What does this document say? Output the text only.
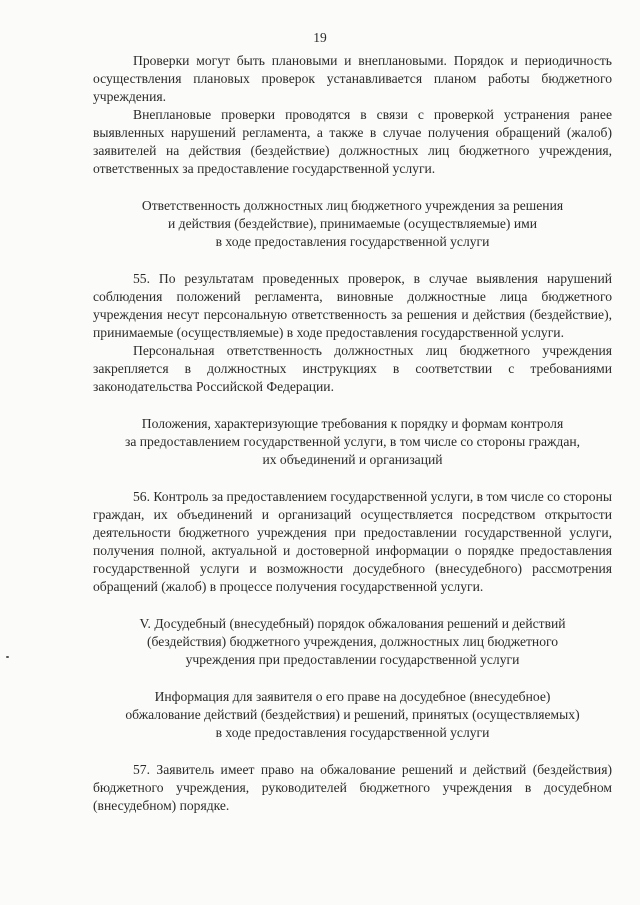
19

Проверки могут быть плановыми и внеплановыми. Порядок и периодичность осуществления плановых проверок устанавливается планом работы бюджетного учреждения.

Внеплановые проверки проводятся в связи с проверкой устранения ранее выявленных нарушений регламента, а также в случае получения обращений (жалоб) заявителей на действия (бездействие) должностных лиц бюджетного учреждения, ответственных за предоставление государственной услуги.

Ответственность должностных лиц бюджетного учреждения за решения
и действия (бездействие), принимаемые (осуществляемые) ими
в ходе предоставления государственной услуги

55. По результатам проведенных проверок, в случае выявления нарушений соблюдения положений регламента, виновные должностные лица бюджетного учреждения несут персональную ответственность за решения и действия (бездействие), принимаемые (осуществляемые) в ходе предоставления государственной услуги.

Персональная ответственность должностных лиц бюджетного учреждения закрепляется в должностных инструкциях в соответствии с требованиями законодательства Российской Федерации.

Положения, характеризующие требования к порядку и формам контроля
за предоставлением государственной услуги, в том числе со стороны граждан,
их объединений и организаций

56. Контроль за предоставлением государственной услуги, в том числе со стороны граждан, их объединений и организаций осуществляется посредством открытости деятельности бюджетного учреждения при предоставлении государственной услуги, получения полной, актуальной и достоверной информации о порядке предоставления государственной услуги и возможности досудебного (внесудебного) рассмотрения обращений (жалоб) в процессе получения государственной услуги.

V. Досудебный (внесудебный) порядок обжалования решений и действий
(бездействия) бюджетного учреждения, должностных лиц бюджетного
учреждения при предоставлении государственной услуги
Информация для заявителя о его праве на досудебное (внесудебное)
обжалование действий (бездействия) и решений, принятых (осуществляемых)
в ходе предоставления государственной услуги

57. Заявитель имеет право на обжалование решений и действий (бездействия) бюджетного учреждения, руководителей бюджетного учреждения в досудебном (внесудебном) порядке.
